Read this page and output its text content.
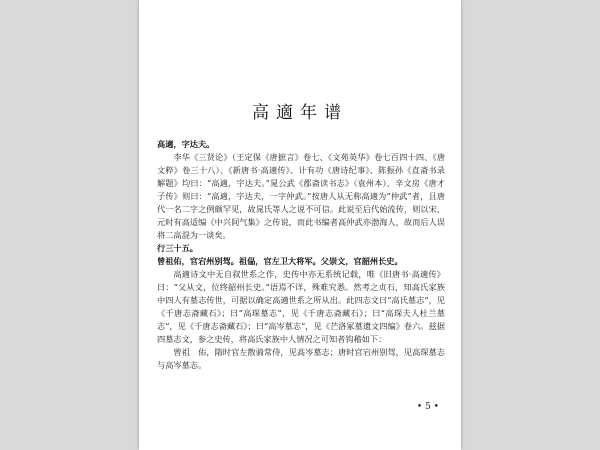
高適年谱

高適，字达夫。

李华《三贤论》（王定保《唐摭言》卷七、《文苑英华》卷七百四十四、《唐文粹》卷三十八）、《新唐书·高適传》、计有功《唐诗纪事》、陈振孙《直斋书录解题》均曰：“高適，字达夫。”晁公武《郡斋读书志》（袁州本）、辛文房《唐才子传》则曰：“高適，字达夫，一字仲武。”按唐人从无称高適为“仲武”者，且唐代一名二字之例颇罕见，故晁氏等人之说不可信。此说至后代始流传，则以宋、元时有高适编《中兴间气集》之传说，而此书编者高仲武亦渤海人，故而后人误将二高混为一谈矣。

行三十五。

曾祖佑，官宕州别驾。祖偘，官左卫大将军。父崇文，官韶州长史。

高適诗文中无自叙世系之作，史传中亦无系统记载，唯《旧唐书·高適传》曰：“父从文，位终韶州长史。”语焉不详，殊难究悉。然考之贞石，知高氏家族中四人有墓志传世，可据以确定高適世系之所从出。此四志文曰“高氏墓志”，见《千唐志斋藏石》；曰“高琛墓志”，见《千唐志斋藏石》；曰“高琛夫人杜兰墓志”，见《千唐志斋藏石》；曰“高岑墓志”，见《芒洛冢墓遗文四编》卷六。兹据四墓志文，参之史传，将高氏家族中人情况之可知者钩稽如下：

曾祖　佑，隋时官左散骑常侍，见高岑墓志；唐时官宕州别驾，见高琛墓志与高岑墓志。

• 5 •
